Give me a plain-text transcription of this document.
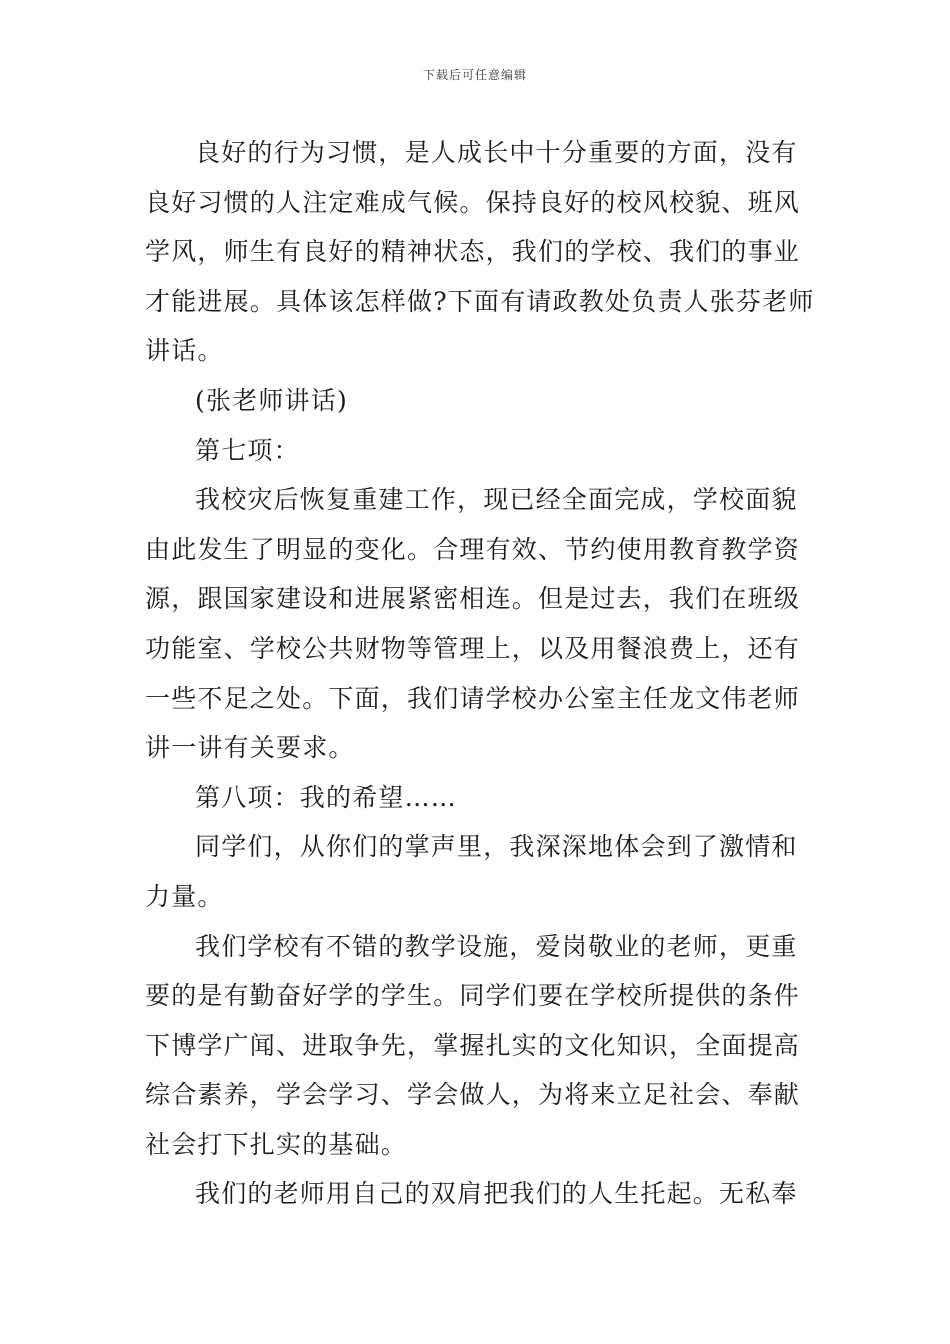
下载后可任意编辑
良好的行为习惯，是人成长中十分重要的方面，没有
良好习惯的人注定难成气候。保持良好的校风校貌、班风
学风，师生有良好的精神状态，我们的学校、我们的事业
才能进展。具体该怎样做?下面有请政教处负责人张芬老师
讲话。
(张老师讲话)
第七项：
我校灾后恢复重建工作，现已经全面完成，学校面貌
由此发生了明显的变化。合理有效、节约使用教育教学资
源，跟国家建设和进展紧密相连。但是过去，我们在班级
功能室、学校公共财物等管理上，以及用餐浪费上，还有
一些不足之处。下面，我们请学校办公室主任龙文伟老师
讲一讲有关要求。
第八项：我的希望……
同学们，从你们的掌声里，我深深地体会到了激情和
力量。
我们学校有不错的教学设施，爱岗敬业的老师，更重
要的是有勤奋好学的学生。同学们要在学校所提供的条件
下博学广闻、进取争先，掌握扎实的文化知识，全面提高
综合素养，学会学习、学会做人，为将来立足社会、奉献
社会打下扎实的基础。
我们的老师用自己的双肩把我们的人生托起。无私奉
